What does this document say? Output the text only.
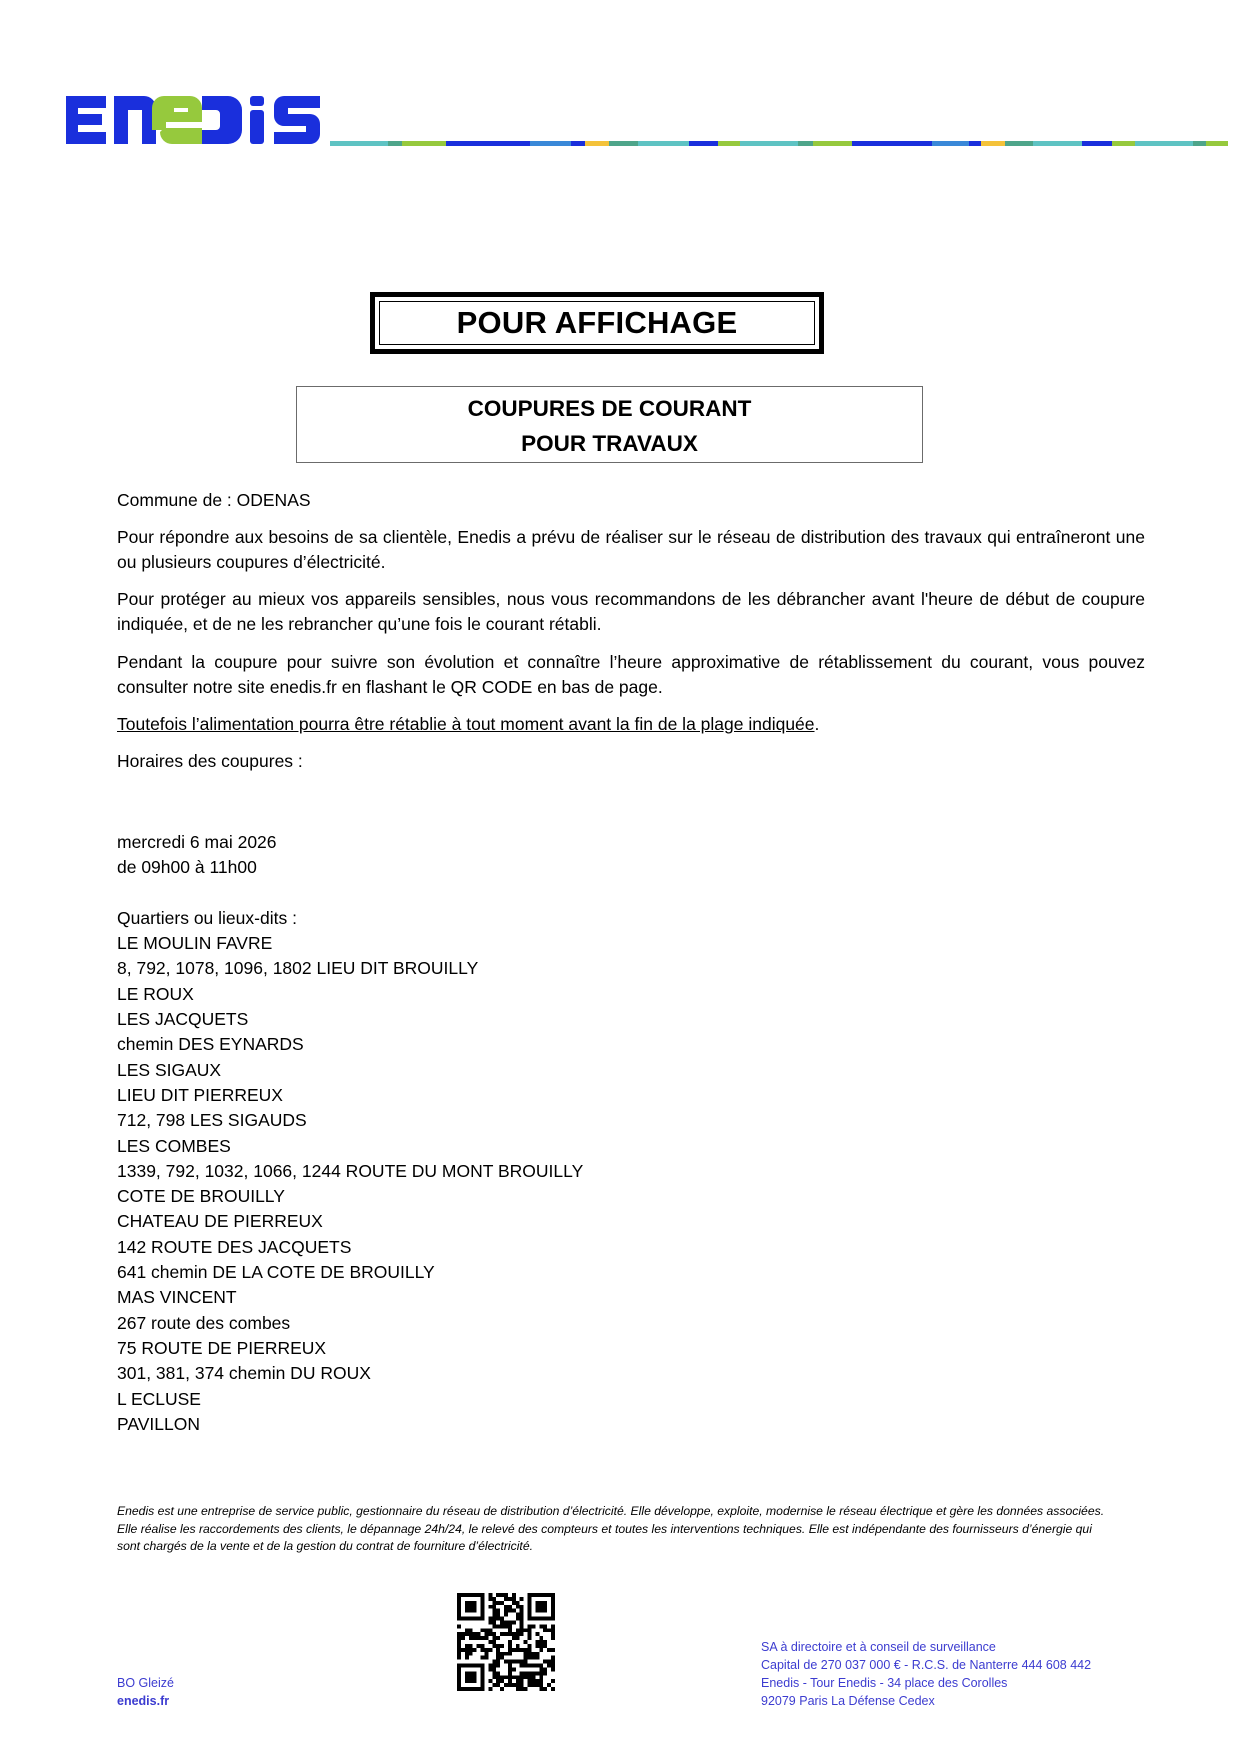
POUR AFFICHAGE
COUPURES DE COURANT
POUR TRAVAUX
Commune de : ODENAS
Pour répondre aux besoins de sa clientèle, Enedis a prévu de réaliser sur le réseau de distribution des travaux qui entraîneront une ou plusieurs coupures d’électricité.
Pour protéger au mieux vos appareils sensibles, nous vous recommandons de les débrancher avant l'heure de début de coupure indiquée, et de ne les rebrancher qu’une fois le courant rétabli.
Pendant la coupure pour suivre son évolution et connaître l’heure approximative de rétablissement du courant, vous pouvez consulter notre site enedis.fr en flashant le QR CODE en bas de page.
Toutefois l’alimentation pourra être rétablie à tout moment avant la fin de la plage indiquée.
Horaires des coupures :
mercredi 6 mai 2026
de 09h00 à 11h00
Quartiers ou lieux-dits :
LE MOULIN FAVRE
8, 792, 1078, 1096, 1802 LIEU DIT BROUILLY
LE ROUX
LES JACQUETS
chemin DES EYNARDS
LES SIGAUX
LIEU DIT PIERREUX
712, 798 LES SIGAUDS
LES COMBES
1339, 792, 1032, 1066, 1244 ROUTE DU MONT BROUILLY
COTE DE BROUILLY
CHATEAU DE PIERREUX
142 ROUTE DES JACQUETS
641 chemin DE LA COTE DE BROUILLY
MAS VINCENT
267 route des combes
75 ROUTE DE PIERREUX
301, 381, 374 chemin DU ROUX
L ECLUSE
PAVILLON
Enedis est une entreprise de service public, gestionnaire du réseau de distribution d’électricité. Elle développe, exploite, modernise le réseau électrique et gère les données associées. Elle réalise les raccordements des clients, le dépannage 24h/24, le relevé des compteurs et toutes les interventions techniques. Elle est indépendante des fournisseurs d’énergie qui sont chargés de la vente et de la gestion du contrat de fourniture d’électricité.
BO Gleizé
enedis.fr
SA à directoire et à conseil de surveillance
Capital de 270 037 000 € - R.C.S. de Nanterre 444 608 442
Enedis - Tour Enedis - 34 place des Corolles
92079 Paris La Défense Cedex
